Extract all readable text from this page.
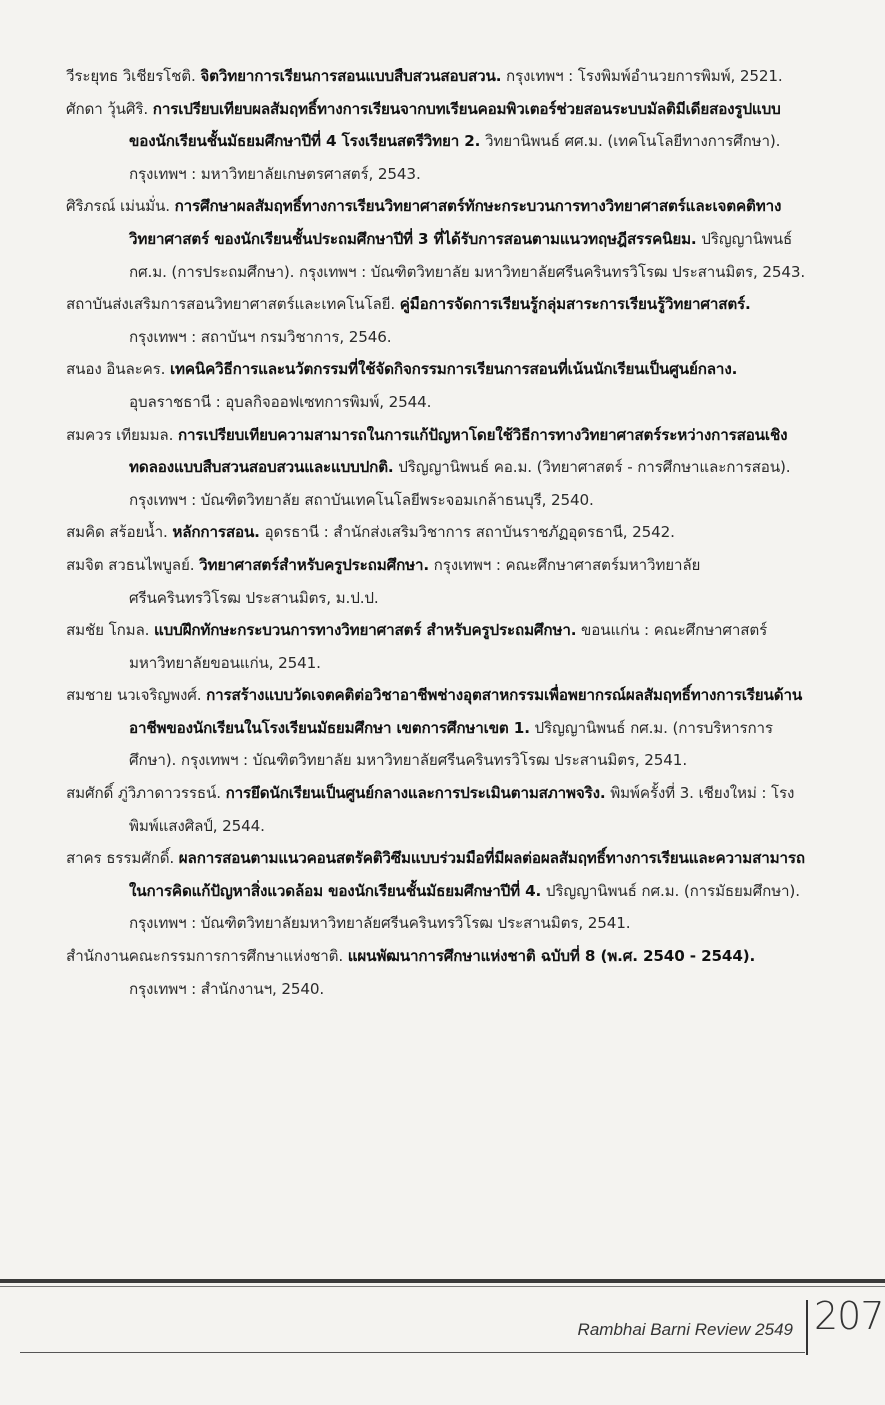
วีระยุทธ วิเชียรโชติ. จิตวิทยาการเรียนการสอนแบบสืบสวนสอบสวน. กรุงเทพฯ : โรงพิมพ์อำนวยการพิมพ์, 2521.

ศักดา วุ้นศิริ. การเปรียบเทียบผลสัมฤทธิ์ทางการเรียนจากบทเรียนคอมพิวเตอร์ช่วยสอนระบบมัลติมีเดียสองรูปแบบ ของนักเรียนชั้นมัธยมศึกษาปีที่ 4 โรงเรียนสตรีวิทยา 2. วิทยานิพนธ์ ศศ.ม. (เทคโนโลยีทางการศึกษา). กรุงเทพฯ : มหาวิทยาลัยเกษตรศาสตร์, 2543.

ศิริภรณ์ เม่นมั่น. การศึกษาผลสัมฤทธิ์ทางการเรียนวิทยาศาสตร์ทักษะกระบวนการทางวิทยาศาสตร์และเจตคติทางวิทยาศาสตร์ ของนักเรียนชั้นประถมศึกษาปีที่ 3 ที่ได้รับการสอนตามแนวทฤษฎีสรรคนิยม. ปริญญานิพนธ์ กศ.ม. (การประถมศึกษา). กรุงเทพฯ : บัณฑิตวิทยาลัย มหาวิทยาลัยศรีนครินทรวิโรฒ ประสานมิตร, 2543.

สถาบันส่งเสริมการสอนวิทยาศาสตร์และเทคโนโลยี. คู่มือการจัดการเรียนรู้กลุ่มสาระการเรียนรู้วิทยาศาสตร์. กรุงเทพฯ : สถาบันฯ กรมวิชาการ, 2546.

สนอง อินละคร. เทคนิควิธีการและนวัตกรรมที่ใช้จัดกิจกรรมการเรียนการสอนที่เน้นนักเรียนเป็นศูนย์กลาง. อุบลราชธานี : อุบลกิจออฟเซทการพิมพ์, 2544.

สมควร เทียมมล. การเปรียบเทียบความสามารถในการแก้ปัญหาโดยใช้วิธีการทางวิทยาศาสตร์ระหว่างการสอนเชิงทดลองแบบสืบสวนสอบสวนและแบบปกติ. ปริญญานิพนธ์ คอ.ม. (วิทยาศาสตร์ - การศึกษาและการสอน). กรุงเทพฯ : บัณฑิตวิทยาลัย สถาบันเทคโนโลยีพระจอมเกล้าธนบุรี, 2540.

สมคิด สร้อยน้ำ. หลักการสอน. อุดรธานี : สำนักส่งเสริมวิชาการ สถาบันราชภัฏอุดรธานี, 2542.

สมจิต สวธนไพบูลย์. วิทยาศาสตร์สำหรับครูประถมศึกษา. กรุงเทพฯ : คณะศึกษาศาสตร์มหาวิทยาลัยศรีนครินทรวิโรฒ ประสานมิตร, ม.ป.ป.

สมชัย โกมล. แบบฝึกทักษะกระบวนการทางวิทยาศาสตร์ สำหรับครูประถมศึกษา. ขอนแก่น : คณะศึกษาศาสตร์ มหาวิทยาลัยขอนแก่น, 2541.

สมชาย นวเจริญพงศ์. การสร้างแบบวัดเจตคติต่อวิชาอาชีพช่างอุตสาหกรรมเพื่อพยากรณ์ผลสัมฤทธิ์ทางการเรียนด้านอาชีพของนักเรียนในโรงเรียนมัธยมศึกษา เขตการศึกษาเขต 1. ปริญญานิพนธ์ กศ.ม. (การบริหารการศึกษา). กรุงเทพฯ : บัณฑิตวิทยาลัย มหาวิทยาลัยศรีนครินทรวิโรฒ ประสานมิตร, 2541.

สมศักดิ์ ภู่วิภาดาวรรธน์. การยึดนักเรียนเป็นศูนย์กลางและการประเมินตามสภาพจริง. พิมพ์ครั้งที่ 3. เชียงใหม่ : โรงพิมพ์แสงศิลป์, 2544.

สาคร ธรรมศักดิ์. ผลการสอนตามแนวคอนสตรัคติวิซึมแบบร่วมมือที่มีผลต่อผลสัมฤทธิ์ทางการเรียนและความสามารถในการคิดแก้ปัญหาสิ่งแวดล้อม ของนักเรียนชั้นมัธยมศึกษาปีที่ 4. ปริญญานิพนธ์ กศ.ม. (การมัธยมศึกษา). กรุงเทพฯ : บัณฑิตวิทยาลัยมหาวิทยาลัยศรีนครินทรวิโรฒ ประสานมิตร, 2541.

สำนักงานคณะกรรมการการศึกษาแห่งชาติ. แผนพัฒนาการศึกษาแห่งชาติ ฉบับที่ 8 (พ.ศ. 2540 - 2544). กรุงเทพฯ : สำนักงานฯ, 2540.

Rambhai Barni Review 2549 207
